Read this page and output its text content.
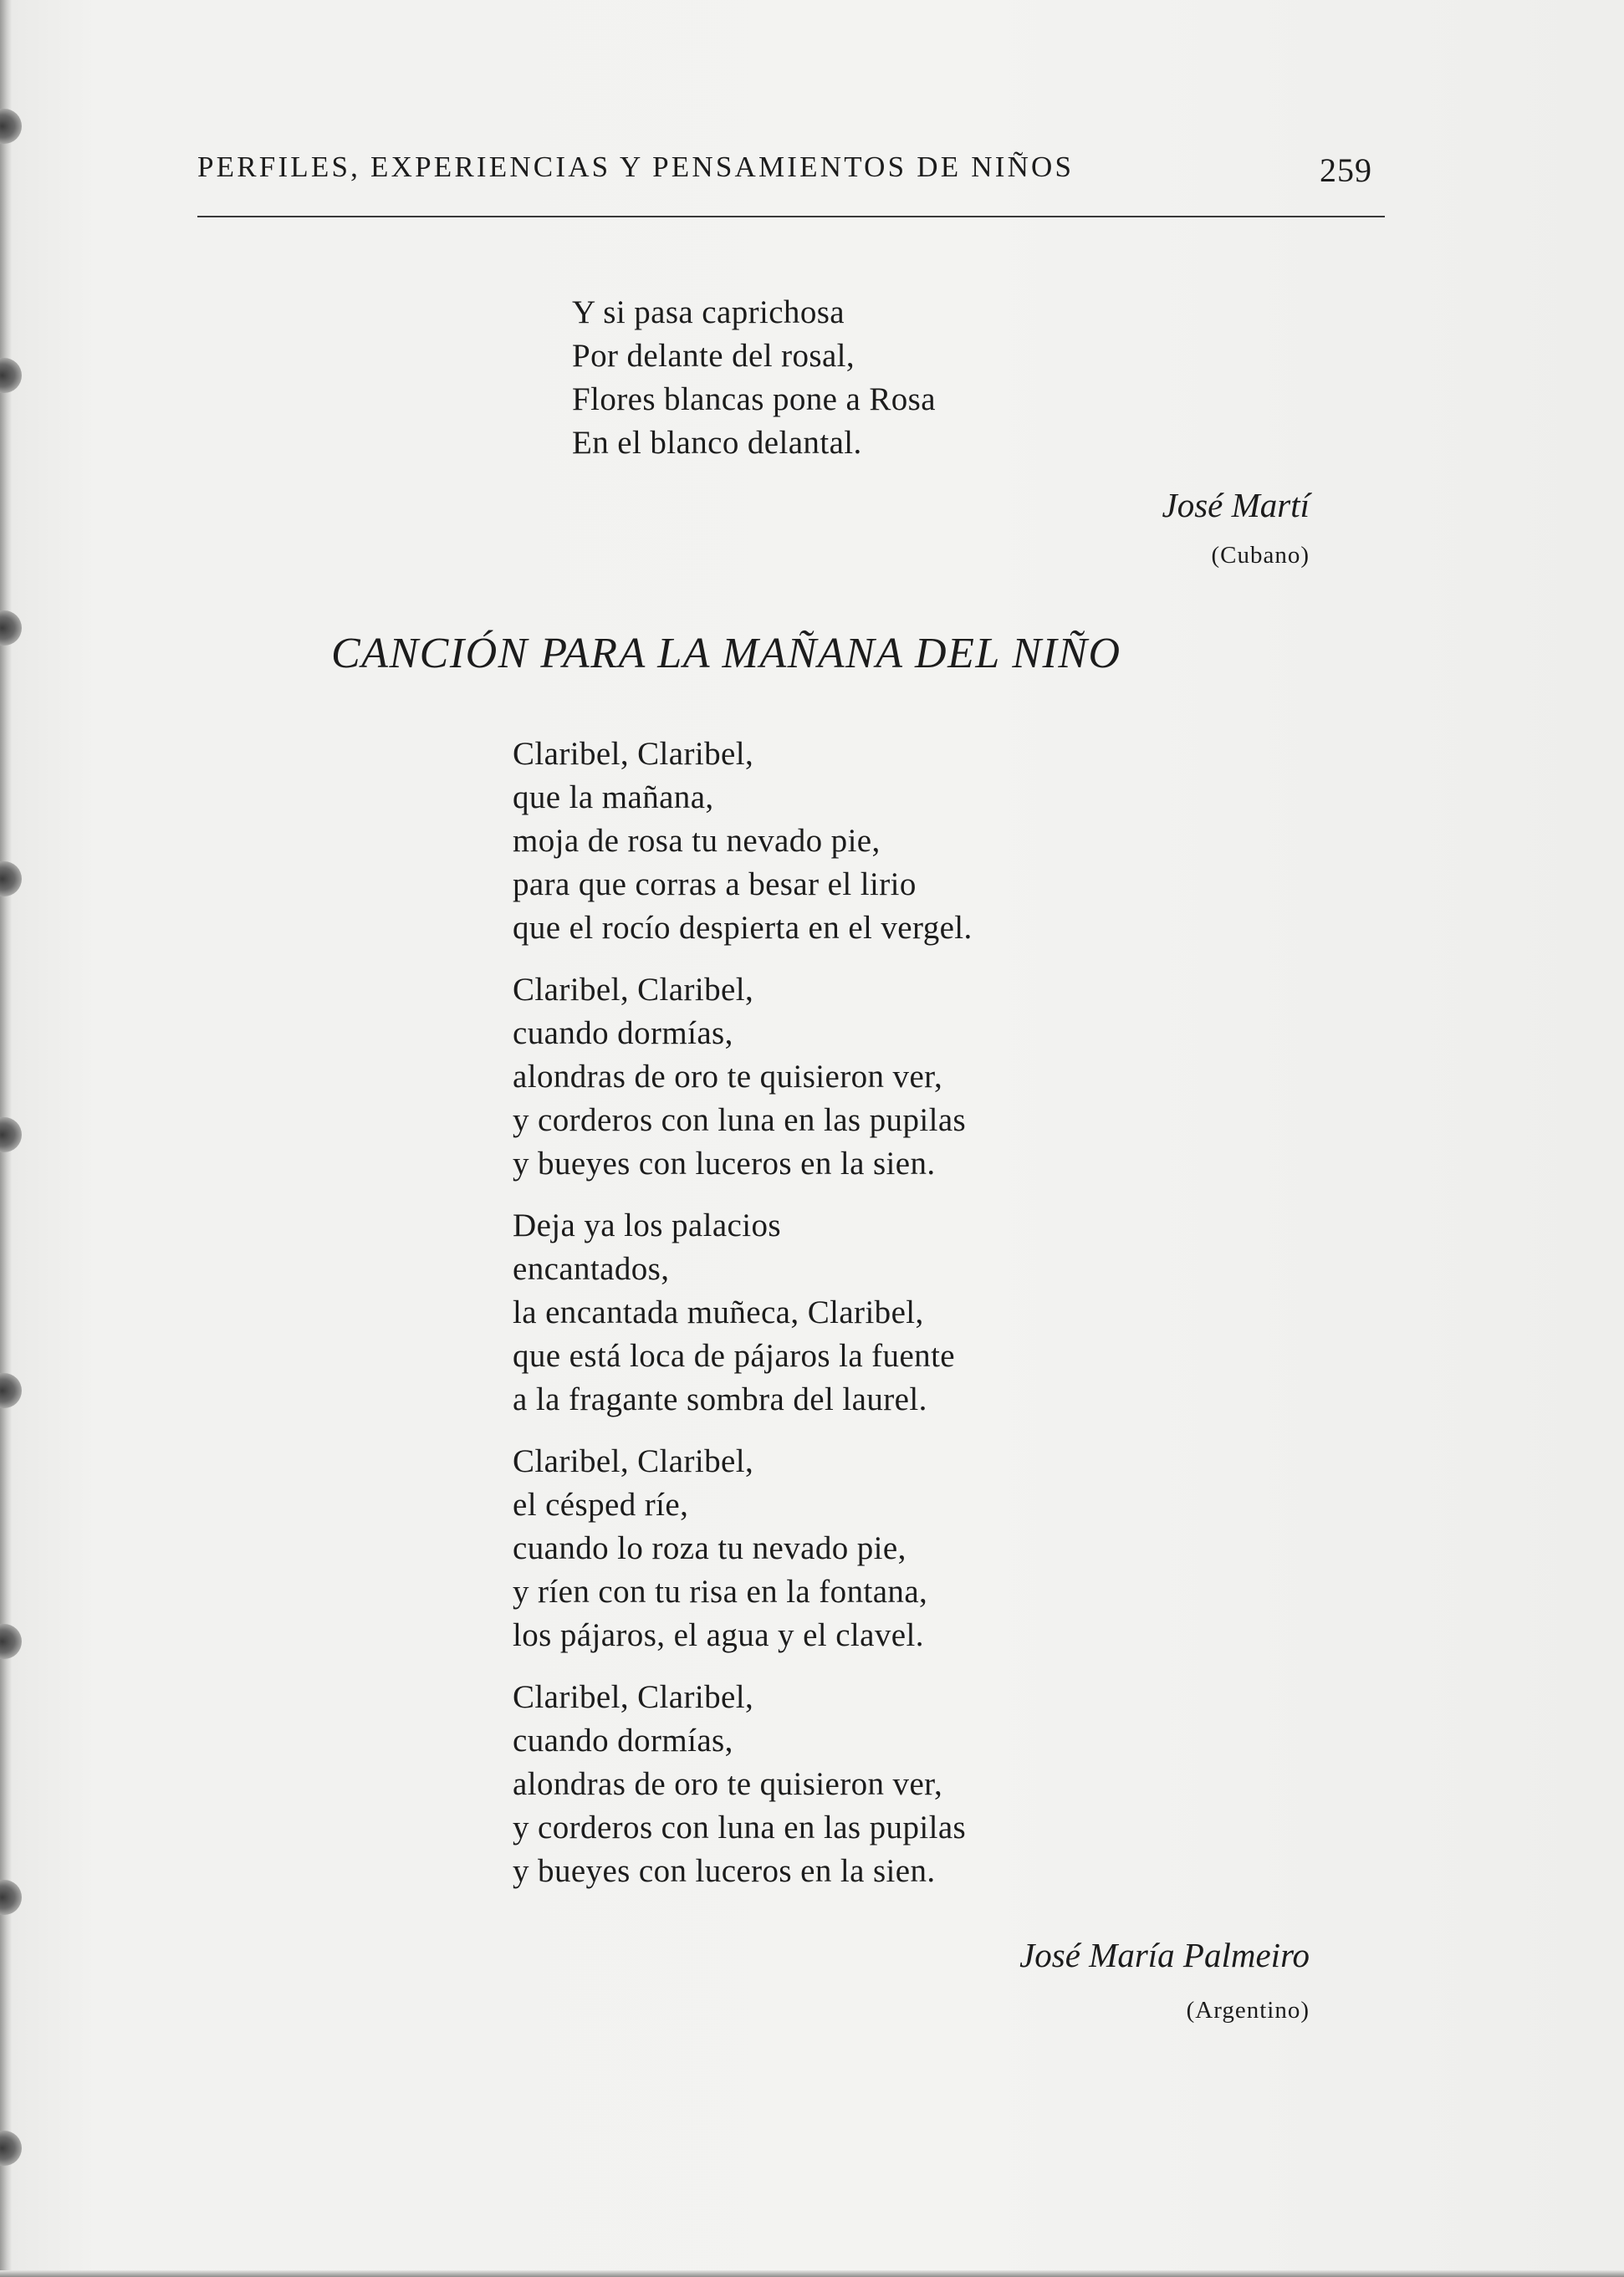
PERFILES, EXPERIENCIAS Y PENSAMIENTOS DE NIÑOS	259
Y si pasa caprichosa
Por delante del rosal,
Flores blancas pone a Rosa
En el blanco delantal.
José Martí
(Cubano)
CANCIÓN PARA LA MAÑANA DEL NIÑO
Claribel, Claribel,
que la mañana,
moja de rosa tu nevado pie,
para que corras a besar el lirio
que el rocío despierta en el vergel.
Claribel, Claribel,
cuando dormías,
alondras de oro te quisieron ver,
y corderos con luna en las pupilas
y bueyes con luceros en la sien.
Deja ya los palacios
encantados,
la encantada muñeca, Claribel,
que está loca de pájaros la fuente
a la fragante sombra del laurel.
Claribel, Claribel,
el césped ríe,
cuando lo roza tu nevado pie,
y ríen con tu risa en la fontana,
los pájaros, el agua y el clavel.
Claribel, Claribel,
cuando dormías,
alondras de oro te quisieron ver,
y corderos con luna en las pupilas
y bueyes con luceros en la sien.
José María Palmeiro
(Argentino)
